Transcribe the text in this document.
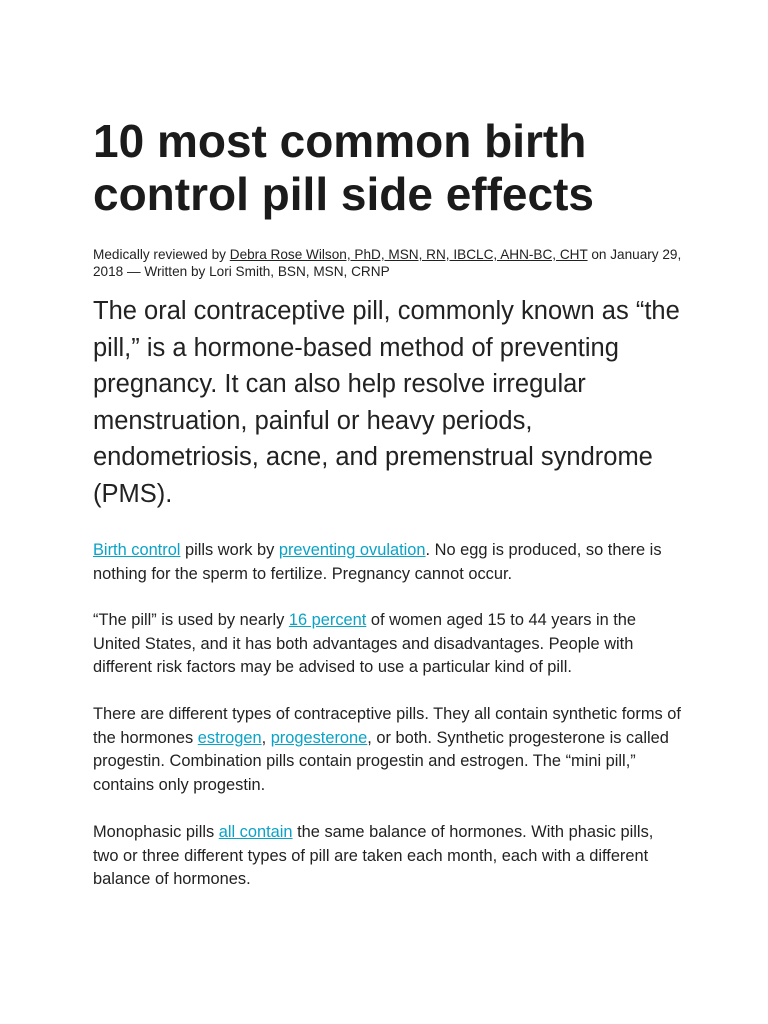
10 most common birth control pill side effects

Medically reviewed by Debra Rose Wilson, PhD, MSN, RN, IBCLC, AHN-BC, CHT on January 29, 2018 — Written by Lori Smith, BSN, MSN, CRNP

The oral contraceptive pill, commonly known as “the pill,” is a hormone-based method of preventing pregnancy. It can also help resolve irregular menstruation, painful or heavy periods, endometriosis, acne, and premenstrual syndrome (PMS).

Birth control pills work by preventing ovulation. No egg is produced, so there is nothing for the sperm to fertilize. Pregnancy cannot occur.

“The pill” is used by nearly 16 percent of women aged 15 to 44 years in the United States, and it has both advantages and disadvantages. People with different risk factors may be advised to use a particular kind of pill.

There are different types of contraceptive pills. They all contain synthetic forms of the hormones estrogen, progesterone, or both. Synthetic progesterone is called progestin. Combination pills contain progestin and estrogen. The “mini pill,” contains only progestin.

Monophasic pills all contain the same balance of hormones. With phasic pills, two or three different types of pill are taken each month, each with a different balance of hormones.
